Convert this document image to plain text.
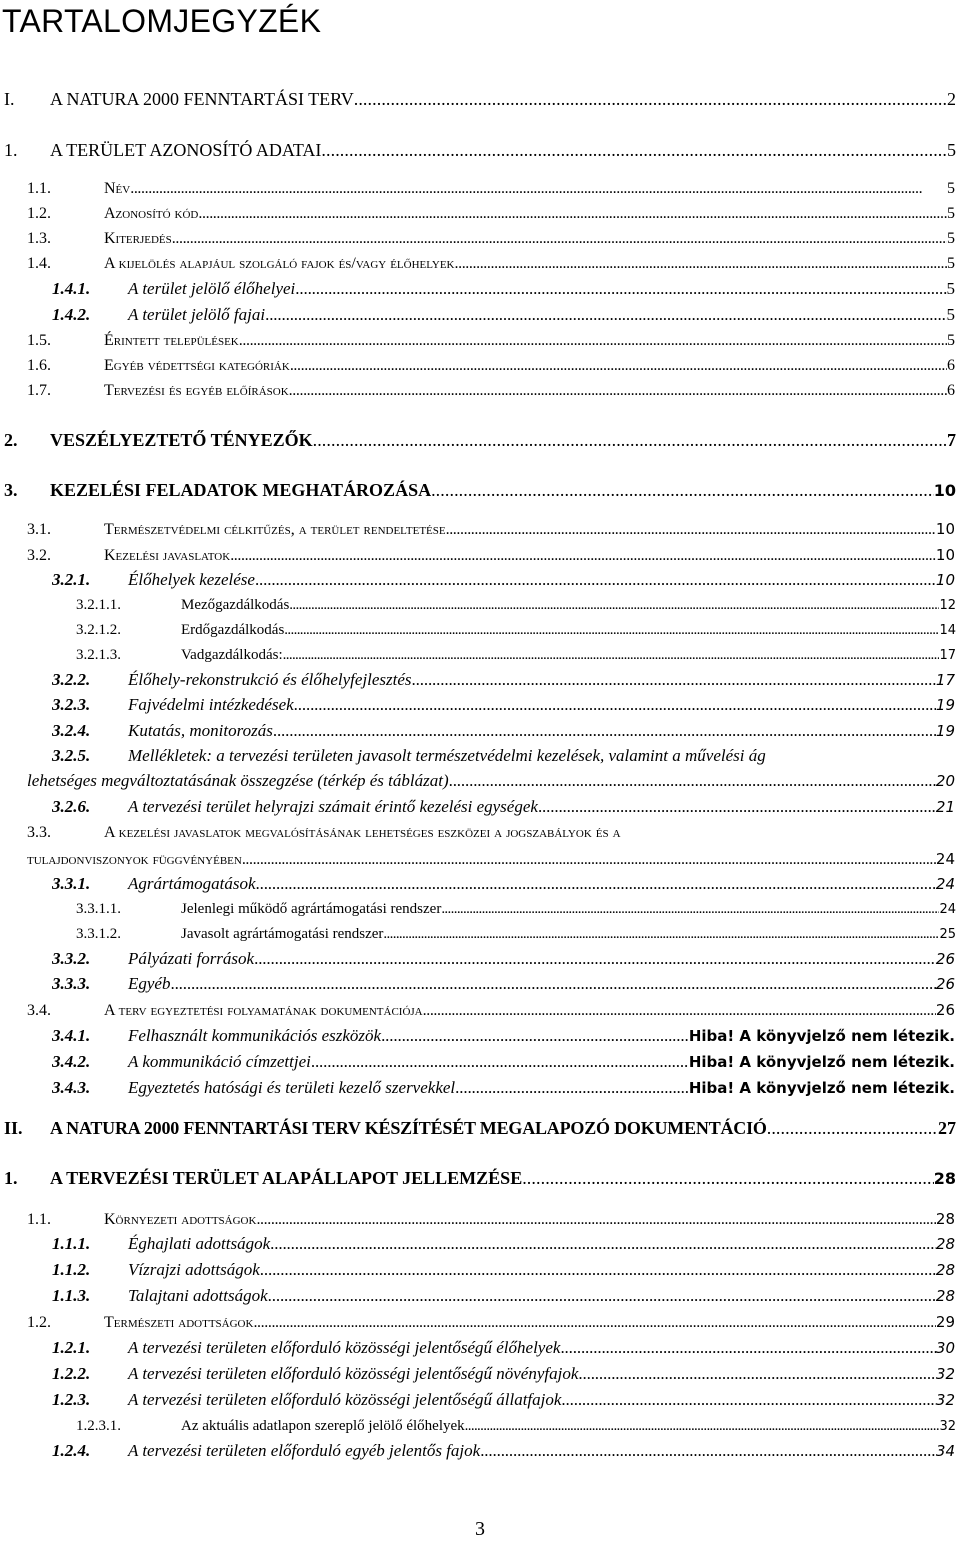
TARTALOMJEGYZÉK
I.	A NATURA 2000 FENNTARTÁSI TERV . . .	2
1.	A TERÜLET AZONOSÍTÓ ADATAI . . .	5
1.1.	Név . . .	5
1.2.	Azonosító kód . . .	5
1.3.	Kiterjedés . . .	5
1.4.	A kijelölés alapjául szolgáló fajok és/vagy élőhelyek . . .	5
1.4.1.	A terület jelölő élőhelyei . . .	5
1.4.2.	A terület jelölő fajai . . .	5
1.5.	Érintett települések . . .	5
1.6.	Egyéb védettségi kategóriák . . .	6
1.7.	Tervezési és egyéb előírások . . .	6
2.	VESZÉLYEZTETŐ TÉNYEZŐK . . .	7
3.	KEZELÉSI FELADATOK MEGHATÁROZÁSA . . .	10
3.1.	Természetvédelmi célkitűzés, a terület rendeltetése . . .	10
3.2.	Kezelési javaslatok . . .	10
3.2.1.	Élőhelyek kezelése . . .	10
3.2.1.1.	Mezőgazdálkodás . . .	12
3.2.1.2.	Erdőgazdálkodás . . .	14
3.2.1.3.	Vadgazdálkodás: . . .	17
3.2.2.	Élőhely-rekonstrukció és élőhelyfejlesztés . . .	17
3.2.3.	Fajvédelmi intézkedések . . .	19
3.2.4.	Kutatás, monitorozás . . .	19
3.2.5. Mellékletek: a tervezési területen javasolt természetvédelmi kezelések, valamint a művelési ág
lehetséges megváltoztatásának összegzése (térkép és táblázat) . . .	20
3.2.6.	A tervezési terület helyrajzi számait érintő kezelési egységek . . .	21
3.3.	A kezelési javaslatok megvalósításának lehetséges eszközei a jogszabályok és a
tulajdonviszonyok függvényében . . .	24
3.3.1.	Agrártámogatások . . .	24
3.3.1.1.	Jelenlegi működő agrártámogatási rendszer . . .	24
3.3.1.2.	Javasolt agrártámogatási rendszer . . .	25
3.3.2.	Pályázati források . . .	26
3.3.3.	Egyéb . . .	26
3.4.	A terv egyeztetési folyamatának dokumentációja . . .	26
3.4.1.	Felhasznált kommunikációs eszközök . . .	Hiba! A könyvjelző nem létezik.
3.4.2.	A kommunikáció címzettjei . . .	Hiba! A könyvjelző nem létezik.
3.4.3.	Egyeztetés hatósági és területi kezelő szervekkel . . .	Hiba! A könyvjelző nem létezik.
II.	A NATURA 2000 FENNTARTÁSI TERV KÉSZÍTÉSÉT MEGALAPOZÓ DOKUMENTÁCIÓ . . .	27
1.	A TERVEZÉSI TERÜLET ALAPÁLLAPOT JELLEMZÉSE . . .	28
1.1.	Környezeti adottságok . . .	28
1.1.1.	Éghajlati adottságok . . .	28
1.1.2.	Vízrajzi adottságok . . .	28
1.1.3.	Talajtani adottságok . . .	28
1.2.	Természeti adottságok . . .	29
1.2.1.	A tervezési területen előforduló közösségi jelentőségű élőhelyek . . .	30
1.2.2.	A tervezési területen előforduló közösségi jelentőségű növényfajok . . .	32
1.2.3.	A tervezési területen előforduló közösségi jelentőségű állatfajok . . .	32
1.2.3.1.	Az aktuális adatlapon szereplő jelölő élőhelyek . . .	32
1.2.4.	A tervezési területen előforduló egyéb jelentős fajok . . .	34
3
